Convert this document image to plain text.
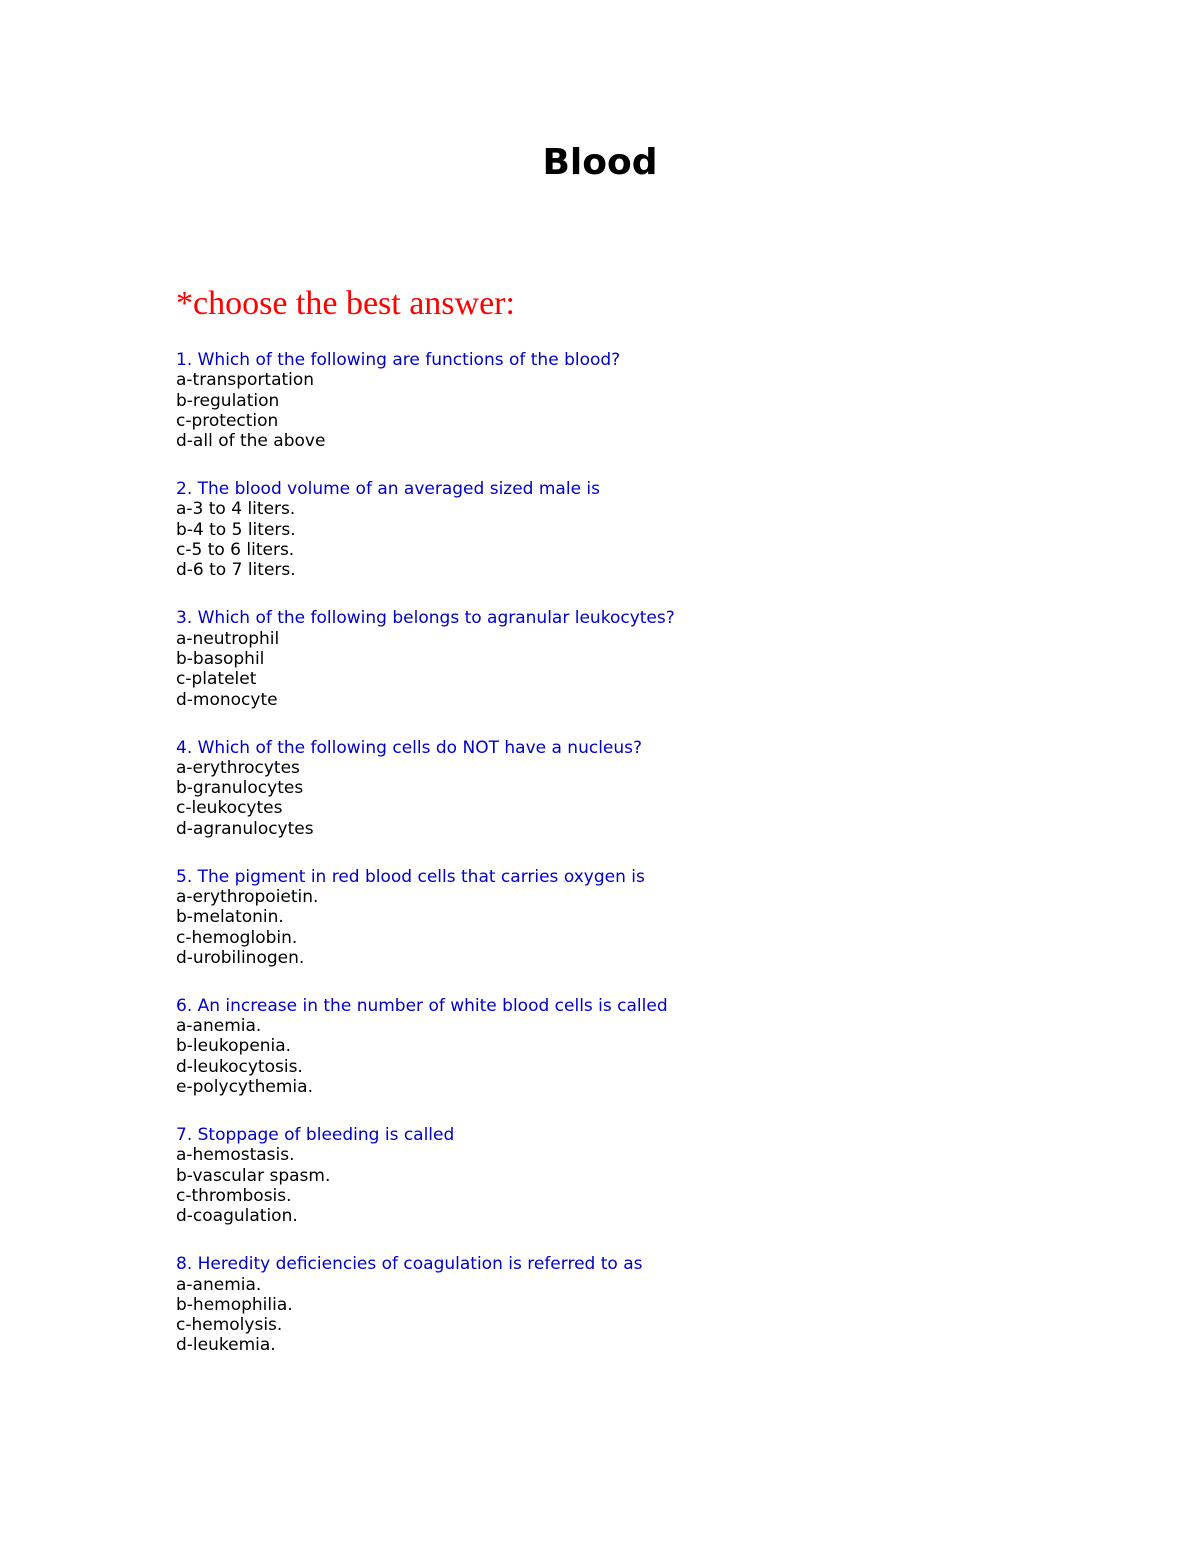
Blood
*choose the best answer:
1. Which of the following are functions of the blood?
a-transportation
b-regulation
c-protection
d-all of the above
2. The blood volume of an averaged sized male is
a-3 to 4 liters.
b-4 to 5 liters.
c-5 to 6 liters.
d-6 to 7 liters.
3. Which of the following belongs to agranular leukocytes?
a-neutrophil
b-basophil
c-platelet
d-monocyte
4. Which of the following cells do NOT have a nucleus?
a-erythrocytes
b-granulocytes
c-leukocytes
d-agranulocytes
5. The pigment in red blood cells that carries oxygen is
a-erythropoietin.
b-melatonin.
c-hemoglobin.
d-urobilinogen.
6. An increase in the number of white blood cells is called
a-anemia.
b-leukopenia.
d-leukocytosis.
e-polycythemia.
7. Stoppage of bleeding is called
a-hemostasis.
b-vascular spasm.
c-thrombosis.
d-coagulation.
8. Heredity deficiencies of coagulation is referred to as
a-anemia.
b-hemophilia.
c-hemolysis.
d-leukemia.
